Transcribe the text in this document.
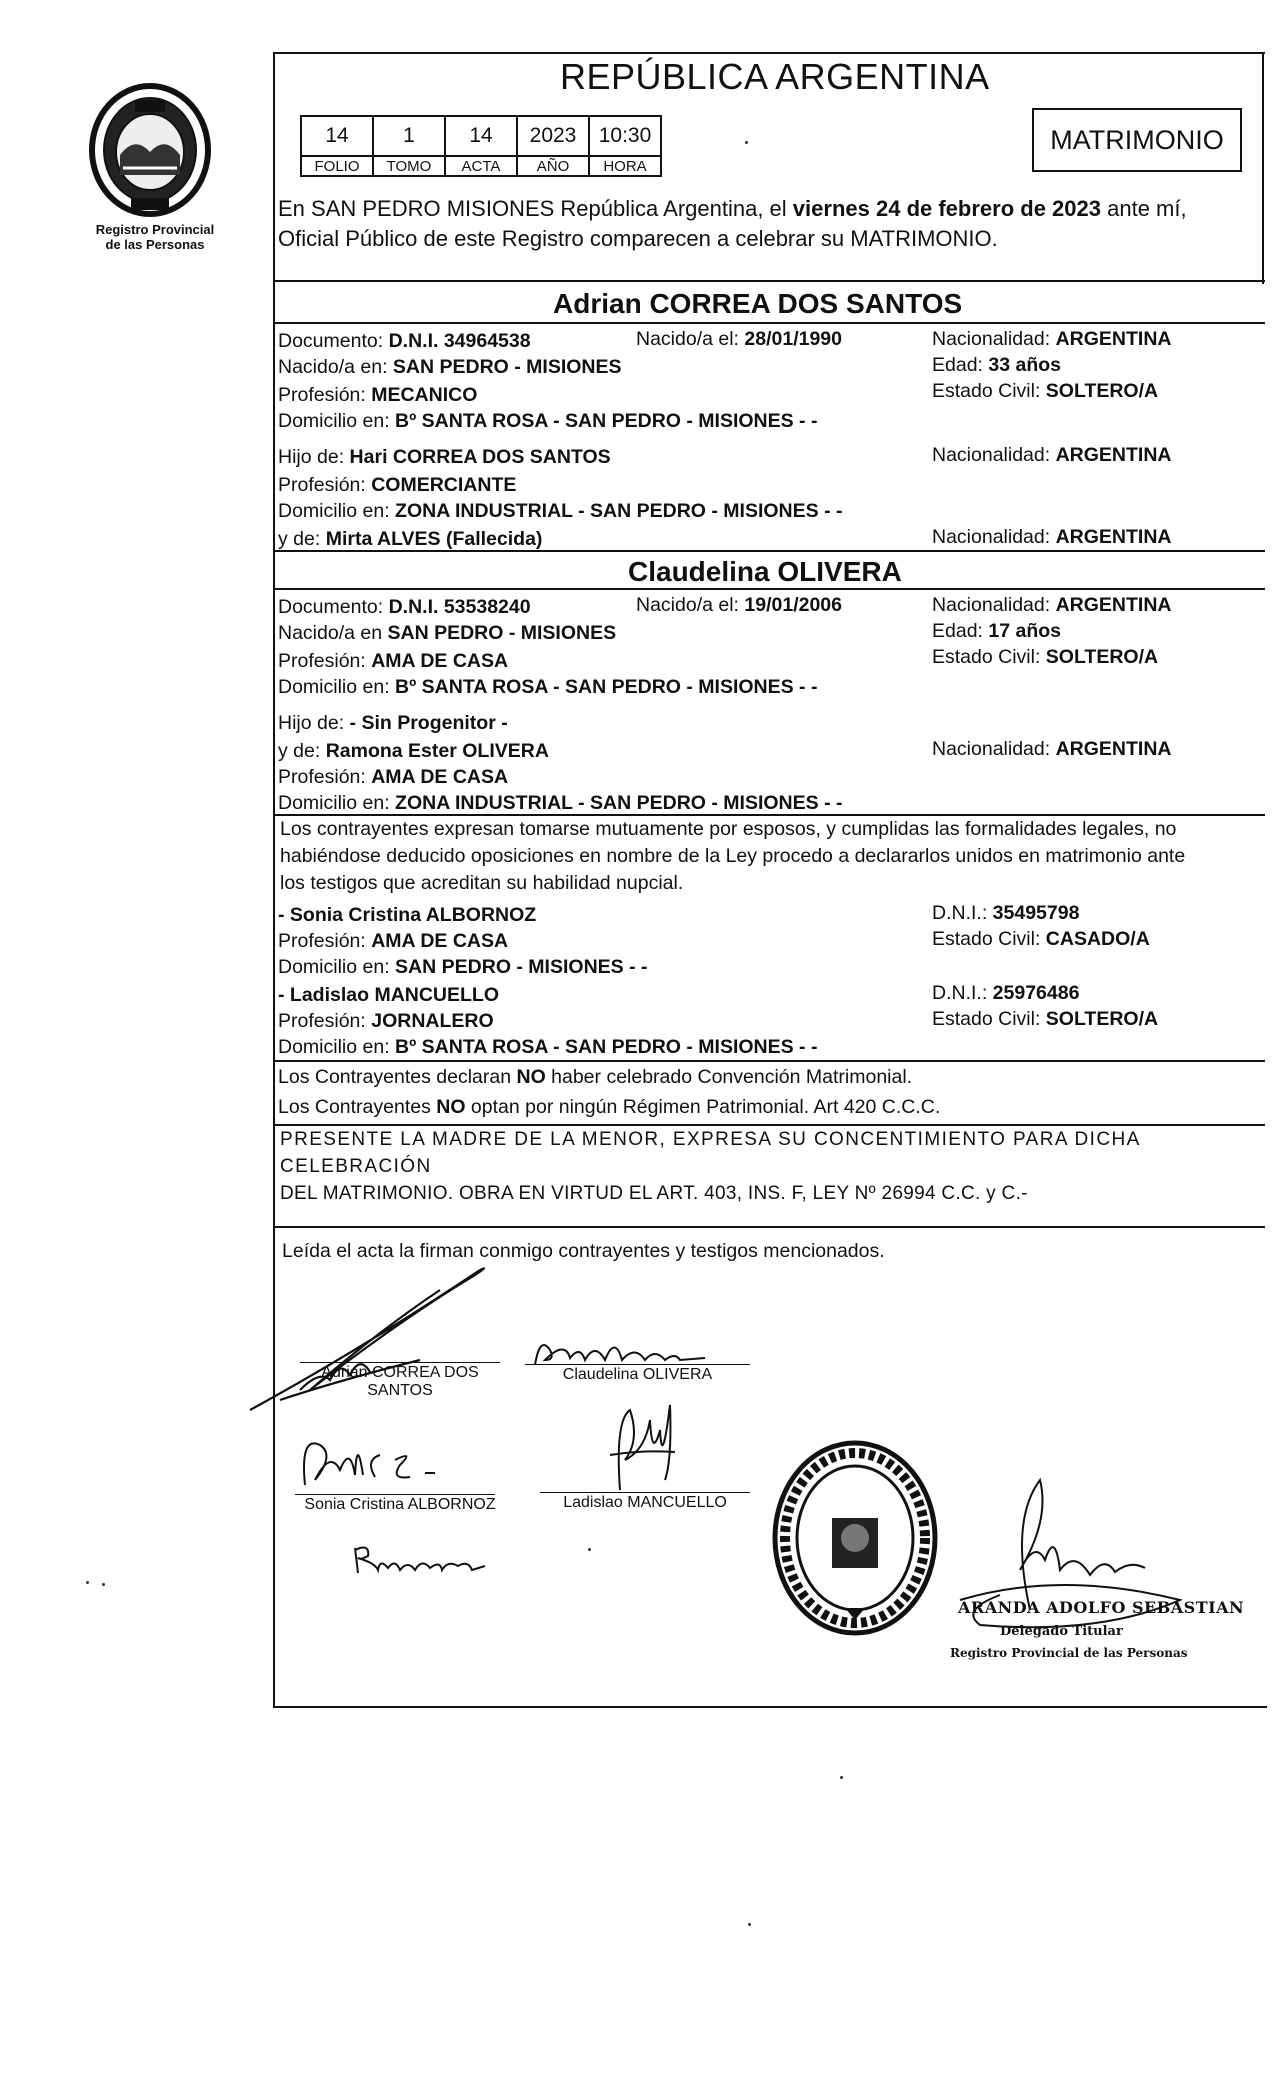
Registro Provincial
de las Personas
REPÚBLICA ARGENTINA
14	1	14	2023	10:30
FOLIO	TOMO	ACTA	AÑO	HORA
MATRIMONIO
En SAN PEDRO MISIONES República Argentina, el viernes 24 de febrero de 2023 ante mí,
Oficial Público de este Registro comparecen a celebrar su MATRIMONIO.
Adrian CORREA DOS SANTOS
Documento: D.N.I. 34964538	Nacido/a el: 28/01/1990	Nacionalidad: ARGENTINA
Nacido/a en: SAN PEDRO - MISIONES	Edad: 33 años
Profesión: MECANICO	Estado Civil: SOLTERO/A
Domicilio en: Bº SANTA ROSA - SAN PEDRO - MISIONES - -
Hijo de: Hari CORREA DOS SANTOS	Nacionalidad: ARGENTINA
Profesión: COMERCIANTE
Domicilio en: ZONA INDUSTRIAL - SAN PEDRO - MISIONES - -
y de: Mirta ALVES (Fallecida)	Nacionalidad: ARGENTINA
Claudelina OLIVERA
Documento: D.N.I. 53538240	Nacido/a el: 19/01/2006	Nacionalidad: ARGENTINA
Nacido/a en SAN PEDRO - MISIONES	Edad: 17 años
Profesión: AMA DE CASA	Estado Civil: SOLTERO/A
Domicilio en: Bº SANTA ROSA - SAN PEDRO - MISIONES - -
Hijo de: - Sin Progenitor -
y de: Ramona Ester OLIVERA	Nacionalidad: ARGENTINA
Profesión: AMA DE CASA
Domicilio en: ZONA INDUSTRIAL - SAN PEDRO - MISIONES - -
Los contrayentes expresan tomarse mutuamente por esposos, y cumplidas las formalidades legales, no
habiéndose deducido oposiciones en nombre de la Ley procedo a declararlos unidos en matrimonio ante
los testigos que acreditan su habilidad nupcial.
- Sonia Cristina ALBORNOZ	D.N.I.: 35495798
Profesión: AMA DE CASA	Estado Civil: CASADO/A
Domicilio en: SAN PEDRO - MISIONES - -
- Ladislao MANCUELLO	D.N.I.: 25976486
Profesión: JORNALERO	Estado Civil: SOLTERO/A
Domicilio en: Bº SANTA ROSA - SAN PEDRO - MISIONES - -
Los Contrayentes declaran NO haber celebrado Convención Matrimonial.
Los Contrayentes NO optan por ningún Régimen Patrimonial. Art 420 C.C.C.
PRESENTE LA MADRE DE LA MENOR, EXPRESA SU CONCENTIMIENTO PARA DICHA
CELEBRACIÓN
DEL MATRIMONIO. OBRA EN VIRTUD EL ART. 403, INS. F, LEY Nº 26994 C.C. y C.-
Leída el acta la firman conmigo contrayentes y testigos mencionados.
Adrian CORREA DOS
SANTOS
Claudelina OLIVERA
Sonia Cristina ALBORNOZ	Ladislao MANCUELLO
ARANDA ADOLFO SEBASTIAN
Delegado Titular
Registro Provincial de las Personas
